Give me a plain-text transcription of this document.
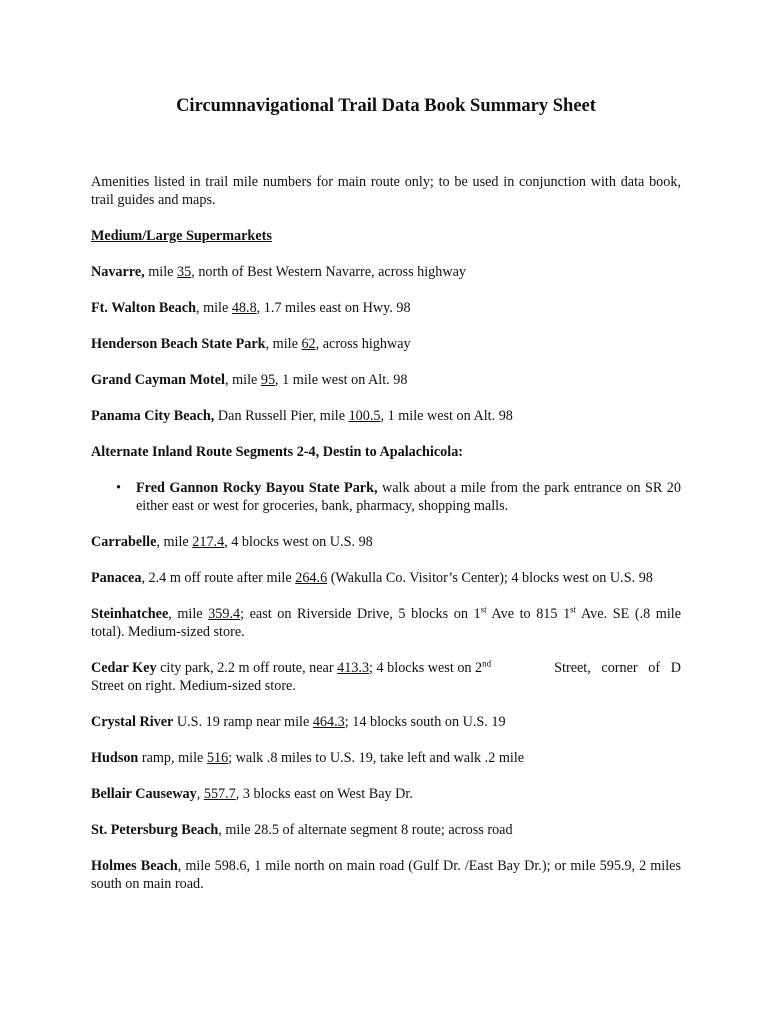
Circumnavigational Trail Data Book Summary Sheet

Amenities listed in trail mile numbers for main route only; to be used in conjunction with data book, trail guides and maps.

Medium/Large Supermarkets

Navarre, mile 35, north of Best Western Navarre, across highway

Ft. Walton Beach, mile 48.8, 1.7 miles east on Hwy. 98

Henderson Beach State Park, mile 62, across highway

Grand Cayman Motel, mile 95, 1 mile west on Alt. 98

Panama City Beach, Dan Russell Pier, mile 100.5, 1 mile west on Alt. 98

Alternate Inland Route Segments 2-4, Destin to Apalachicola:

• Fred Gannon Rocky Bayou State Park, walk about a mile from the park entrance on SR 20 either east or west for groceries, bank, pharmacy, shopping malls.

Carrabelle, mile 217.4, 4 blocks west on U.S. 98

Panacea, 2.4 m off route after mile 264.6 (Wakulla Co. Visitor’s Center); 4 blocks west on U.S. 98

Steinhatchee, mile 359.4; east on Riverside Drive, 5 blocks on 1st Ave to 815 1st Ave. SE (.8 mile total). Medium-sized store.

Cedar Key city park, 2.2 m off route, near 413.3; 4 blocks west on 2nd	Street,   corner   of   D
Street on right. Medium-sized store.

Crystal River U.S. 19 ramp near mile 464.3; 14 blocks south on U.S. 19

Hudson ramp, mile 516; walk .8 miles to U.S. 19, take left and walk .2 mile

Bellair Causeway, 557.7, 3 blocks east on West Bay Dr.

St. Petersburg Beach, mile 28.5 of alternate segment 8 route; across road

Holmes Beach, mile 598.6, 1 mile north on main road (Gulf Dr. /East Bay Dr.); or mile 595.9, 2 miles south on main road.
